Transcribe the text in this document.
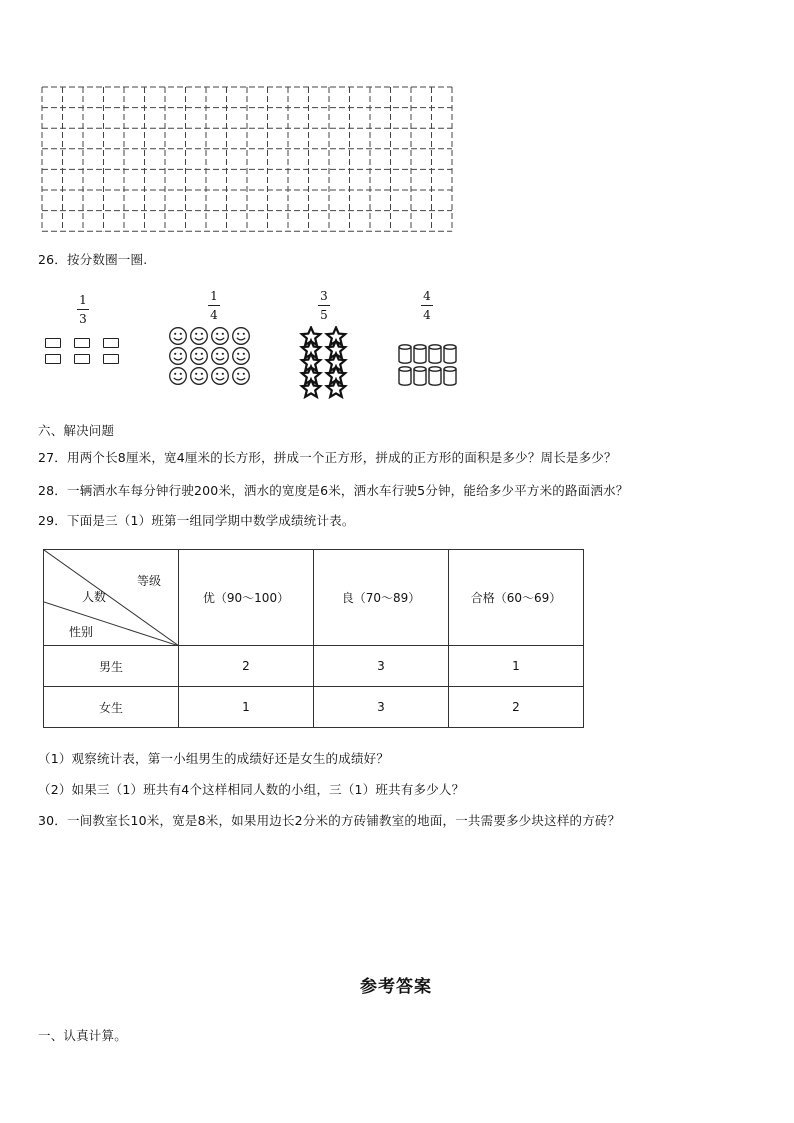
26．按分数圈一圈.
1
3
1
4
3
5
4
4
六、解决问题
27．用两个长8厘米，宽4厘米的长方形，拼成一个正方形，拼成的正方形的面积是多少？周长是多少？
28．一辆洒水车每分钟行驶200米，洒水的宽度是6米，洒水车行驶5分钟，能给多少平方米的路面洒水？
29．下面是三（1）班第一组同学期中数学成绩统计表。
等级
人数
性别	优（90～100）	良（70～89）	合格（60～69）
男生	2	3	1
女生	1	3	2
（1）观察统计表，第一小组男生的成绩好还是女生的成绩好？
（2）如果三（1）班共有4个这样相同人数的小组，三（1）班共有多少人？
30．一间教室长10米，宽是8米，如果用边长2分米的方砖铺教室的地面，一共需要多少块这样的方砖？
参考答案
一、认真计算。
